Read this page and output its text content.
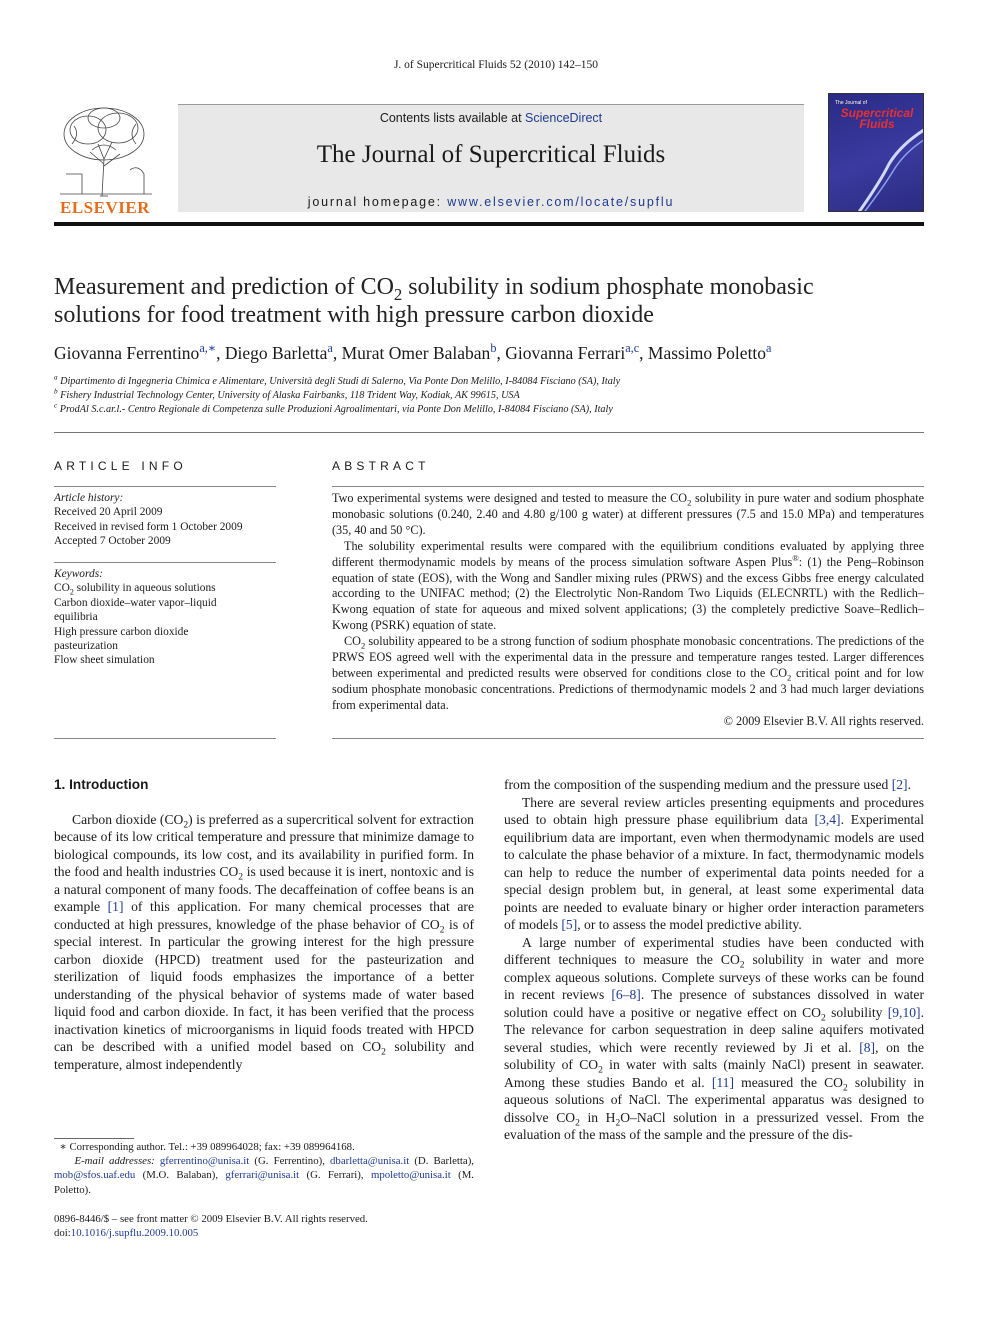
J. of Supercritical Fluids 52 (2010) 142–150
ELSEVIER
Contents lists available at ScienceDirect
The Journal of Supercritical Fluids
journal homepage: www.elsevier.com/locate/supflu
The Journal of
Supercritical
Fluids
Measurement and prediction of $CO_2$ solubility in sodium phosphate monobasic
solutions for food treatment with high pressure carbon dioxide
Giovanna Ferrentino$^{a,∗}$, Diego Barletta$^a$, Murat Omer Balaban$^b$, Giovanna Ferrari$^{a,c}$, Massimo Poletto$^a$
$^a$ Dipartimento di Ingegneria Chimica e Alimentare, Università degli Studi di Salerno, Via Ponte Don Melillo, I-84084 Fisciano (SA), Italy
$^b$ Fishery Industrial Technology Center, University of Alaska Fairbanks, 118 Trident Way, Kodiak, AK 99615, USA
$^c$ ProdAl S.c.ar.l.- Centro Regionale di Competenza sulle Produzioni Agroalimentari, via Ponte Don Melillo, I-84084 Fisciano (SA), Italy
ARTICLE INFO
Article history:
Received 20 April 2009
Received in revised form 1 October 2009
Accepted 7 October 2009
Keywords:
$CO_2$ solubility in aqueous solutions
Carbon dioxide–water vapor–liquid
equilibria
High pressure carbon dioxide
pasteurization
Flow sheet simulation
ABSTRACT

Two experimental systems were designed and tested to measure the $CO_2$ solubility in pure water and sodium phosphate monobasic solutions (0.240, 2.40 and 4.80 g/100 g water) at different pressures (7.5 and 15.0 MPa) and temperatures (35, 40 and 50 °C).

The solubility experimental results were compared with the equilibrium conditions evaluated by applying three different thermodynamic models by means of the process simulation software Aspen Plus®: (1) the Peng–Robinson equation of state (EOS), with the Wong and Sandler mixing rules (PRWS) and the excess Gibbs free energy calculated according to the UNIFAC method; (2) the Electrolytic Non-Random Two Liquids (ELECNRTL) with the Redlich–Kwong equation of state for aqueous and mixed solvent applications; (3) the completely predictive Soave–Redlich–Kwong (PSRK) equation of state.

$CO_2$ solubility appeared to be a strong function of sodium phosphate monobasic concentrations. The predictions of the PRWS EOS agreed well with the experimental data in the pressure and temperature ranges tested. Larger differences between experimental and predicted results were observed for conditions close to the $CO_2$ critical point and for low sodium phosphate monobasic concentrations. Predictions of thermodynamic models 2 and 3 had much larger deviations from experimental data.

© 2009 Elsevier B.V. All rights reserved.

1. Introduction

Carbon dioxide $(CO_2)$ is preferred as a supercritical solvent for extraction because of its low critical temperature and pressure that minimize damage to biological compounds, its low cost, and its availability in purified form. In the food and health industries $CO_2$ is used because it is inert, nontoxic and is a natural component of many foods. The decaffeination of coffee beans is an example [1] of this application. For many chemical processes that are conducted at high pressures, knowledge of the phase behavior of $CO_2$ is of special interest. In particular the growing interest for the high pressure carbon dioxide (HPCD) treatment used for the pasteurization and sterilization of liquid foods emphasizes the importance of a better understanding of the physical behavior of systems made of water based liquid food and carbon dioxide. In fact, it has been verified that the process inactivation kinetics of microorganisms in liquid foods treated with HPCD can be described with a unified model based on $CO_2$ solubility and temperature, almost independently

from the composition of the suspending medium and the pressure used [2].

There are several review articles presenting equipments and procedures used to obtain high pressure phase equilibrium data [3,4]. Experimental equilibrium data are important, even when thermodynamic models are used to calculate the phase behavior of a mixture. In fact, thermodynamic models can help to reduce the number of experimental data points needed for a special design problem but, in general, at least some experimental data points are needed to evaluate binary or higher order interaction parameters of models [5], or to assess the model predictive ability.

A large number of experimental studies have been conducted with different techniques to measure the $CO_2$ solubility in water and more complex aqueous solutions. Complete surveys of these works can be found in recent reviews [6–8]. The presence of substances dissolved in water solution could have a positive or negative effect on $CO_2$ solubility [9,10]. The relevance for carbon sequestration in deep saline aquifers motivated several studies, which were recently reviewed by Ji et al. [8], on the solubility of $CO_2$ in water with salts (mainly NaCl) present in seawater. Among these studies Bando et al. [11] measured the $CO_2$ solubility in aqueous solutions of NaCl. The experimental apparatus was designed to dissolve $CO_2$ in $H_2O$–NaCl solution in a pressurized vessel. From the evaluation of the mass of the sample and the pressure of the dis-

∗ Corresponding author. Tel.: +39 089964028; fax: +39 089964168.
E-mail addresses: gferrentino@unisa.it (G. Ferrentino), dbarletta@unisa.it (D. Barletta), mob@sfos.uaf.edu (M.O. Balaban), gferrari@unisa.it (G. Ferrari), mpoletto@unisa.it (M. Poletto).
0896-8446/$ – see front matter © 2009 Elsevier B.V. All rights reserved.
doi:10.1016/j.supflu.2009.10.005
